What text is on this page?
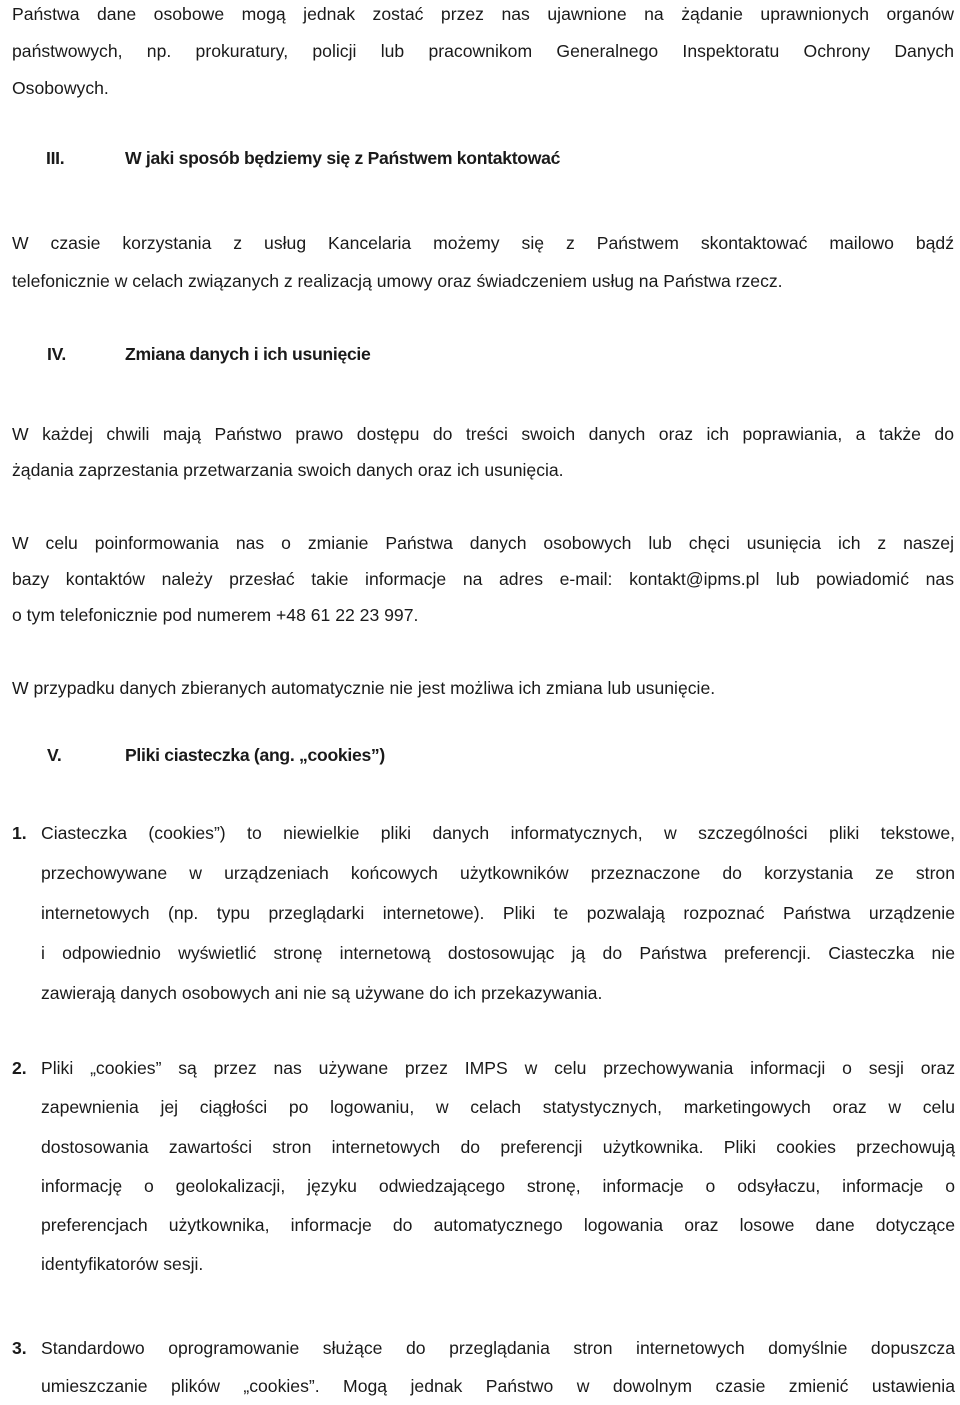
Państwa dane osobowe mogą jednak zostać przez nas ujawnione na żądanie uprawnionych organów
państwowych, np. prokuratury, policji lub pracownikom Generalnego Inspektoratu Ochrony Danych
Osobowych.
III.	W jaki sposób będziemy się z Państwem kontaktować
W czasie korzystania z usług Kancelaria możemy się z Państwem skontaktować mailowo bądź
telefonicznie w celach związanych z realizacją umowy oraz świadczeniem usług na Państwa rzecz.
IV.	Zmiana danych i ich usunięcie
W każdej chwili mają Państwo prawo dostępu do treści swoich danych oraz ich poprawiania, a także do
żądania zaprzestania przetwarzania swoich danych oraz ich usunięcia.
W celu poinformowania nas o zmianie Państwa danych osobowych lub chęci usunięcia ich z naszej
bazy kontaktów należy przesłać takie informacje na adres e-mail: kontakt@ipms.pl lub powiadomić nas
o tym telefonicznie pod numerem +48 61 22 23 997.
W przypadku danych zbieranych automatycznie nie jest możliwa ich zmiana lub usunięcie.
V.	Pliki ciasteczka (ang. „cookies”)
1. Ciasteczka (cookies”) to niewielkie pliki danych informatycznych, w szczególności pliki tekstowe,
przechowywane w urządzeniach końcowych użytkowników przeznaczone do korzystania ze stron
internetowych (np. typu przeglądarki internetowe). Pliki te pozwalają rozpoznać Państwa urządzenie
i odpowiednio wyświetlić stronę internetową dostosowując ją do Państwa preferencji. Ciasteczka nie
zawierają danych osobowych ani nie są używane do ich przekazywania.
2. Pliki „cookies” są przez nas używane przez IMPS w celu przechowywania informacji o sesji oraz
zapewnienia jej ciągłości po logowaniu, w celach statystycznych, marketingowych oraz w celu
dostosowania zawartości stron internetowych do preferencji użytkownika. Pliki cookies przechowują
informację o geolokalizacji, języku odwiedzającego stronę, informacje o odsyłaczu, informacje o
preferencjach użytkownika, informacje do automatycznego logowania oraz losowe dane dotyczące
identyfikatorów sesji.
3. Standardowo oprogramowanie służące do przeglądania stron internetowych domyślnie dopuszcza
umieszczanie plików „cookies”. Mogą jednak Państwo w dowolnym czasie zmienić ustawienia
